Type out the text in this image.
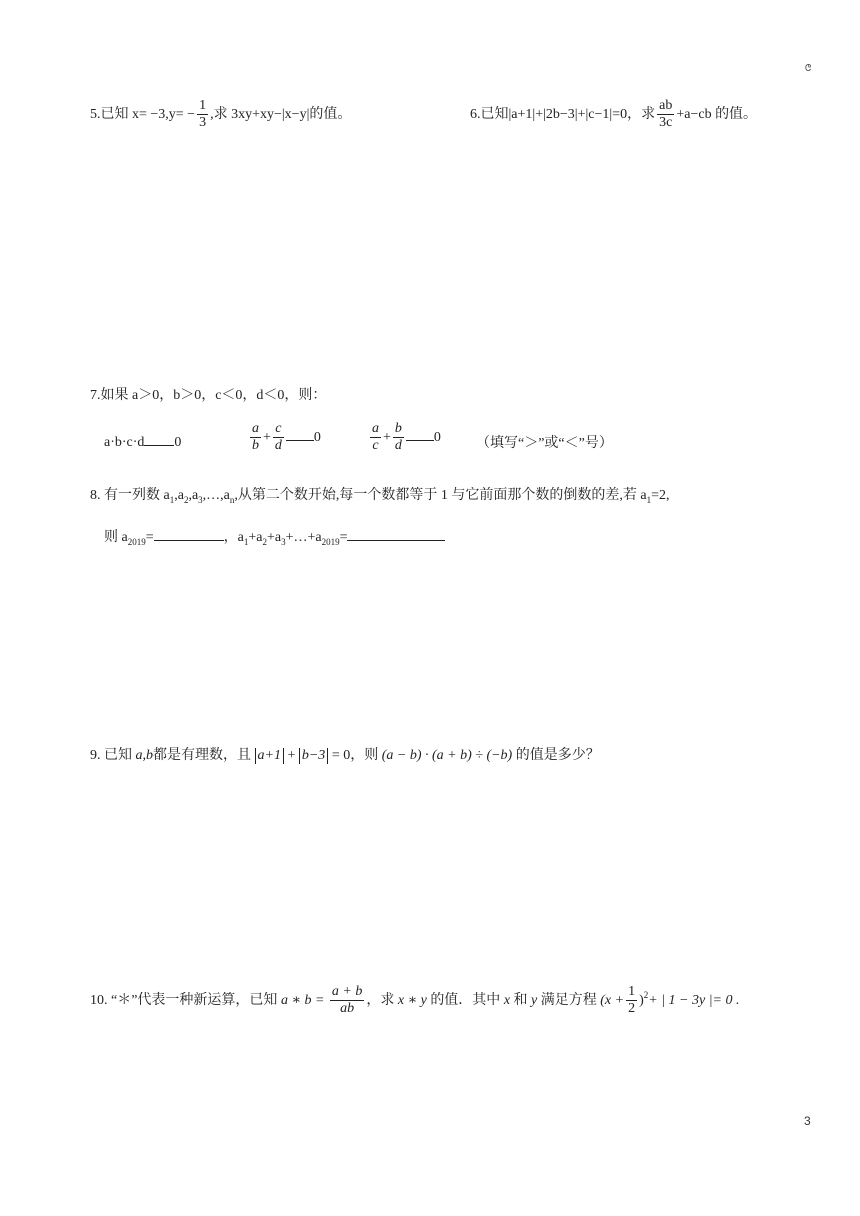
ల
5.已知 $x= -3,y= - \frac{1}{3}$ ,求 3xy+xy−|x−y|的值。	6.已知|a+1|+|2b−3|+|c−1|=0，求 $\frac{ab}{3c} +a-cb$ 的值。
7.如果 a＞0，b＞0，c＜0，d＜0，则：
a·b·c·d 0	$\frac{a}{b} + \frac{c}{d} 0$	$\frac{a}{c} + \frac{b}{d} 0$	（填写“＞”或“＜”号）
8. 有一列数 $a_1,a_2,a_3,\dots,a_n$,从第二个数开始,每一个数都等于 1 与它前面那个数的倒数的差,若 $a_1=2$,
则 $a_{2019}=$	，$a_1+a_2+a_3+\dots+a_{2019}=$
9. 已知 a,b都是有理数，且 a+1 + b−3 = 0，则 (a − b) · (a + b) ÷ (−b) 的值是多少？
10. “＊”代表一种新运算，已知 a ∗ $b = \frac{a + b}{ab}$ ，求 x ∗ y 的值．其中 x 和 y 满足方程 $(x + \frac{1}{2} )^2+$ | 1 − 3y |= 0 .
3
